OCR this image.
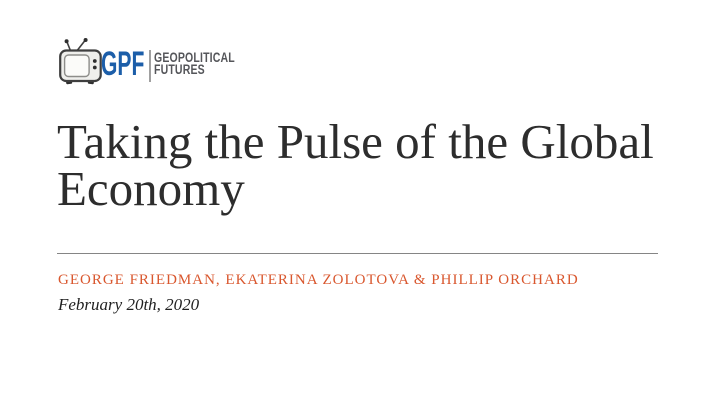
GPF GEOPOLITICAL
FUTURES
Taking the Pulse of the Global Economy
GEORGE FRIEDMAN, EKATERINA ZOLOTOVA & PHILLIP ORCHARD
February 20th, 2020
